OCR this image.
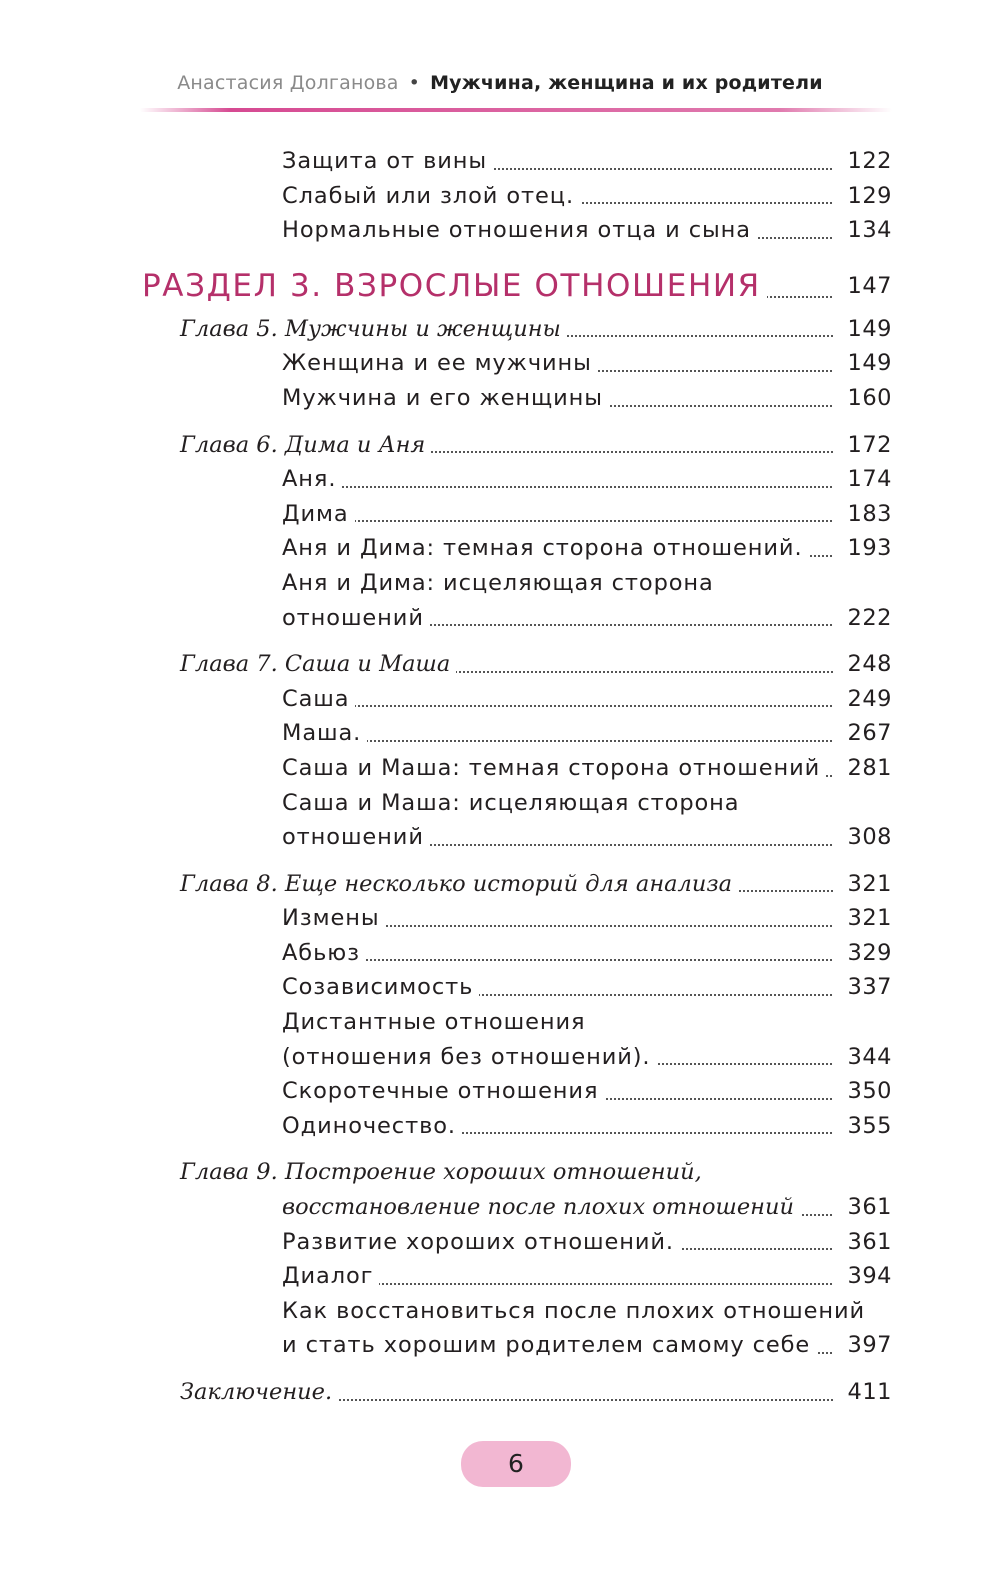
Анастасия Долганова • Мужчина, женщина и их родители
Защита от вины	122
Слабый или злой отец.	129
Нормальные отношения отца и сына	134
РАЗДЕЛ 3. ВЗРОСЛЫЕ ОТНОШЕНИЯ	147
Глава 5. Мужчины и женщины	149
Женщина и ее мужчины	149
Мужчина и его женщины	160
Глава 6. Дима и Аня	172
Аня.	174
Дима	183
Аня и Дима: темная сторона отношений.	193
Аня и Дима: исцеляющая сторона
отношений	222
Глава 7. Саша и Маша	248
Саша	249
Маша.	267
Саша и Маша: темная сторона отношений	281
Саша и Маша: исцеляющая сторона
отношений	308
Глава 8. Еще несколько историй для анализа	321
Измены	321
Абьюз	329
Созависимость	337
Дистантные отношения
(отношения без отношений).	344
Скоротечные отношения	350
Одиночество.	355
Глава 9. Построение хороших отношений,
восстановление после плохих отношений	361
Развитие хороших отношений.	361
Диалог	394
Как восстановиться после плохих отношений
и стать хорошим родителем самому себе	397
Заключение.	411
6
